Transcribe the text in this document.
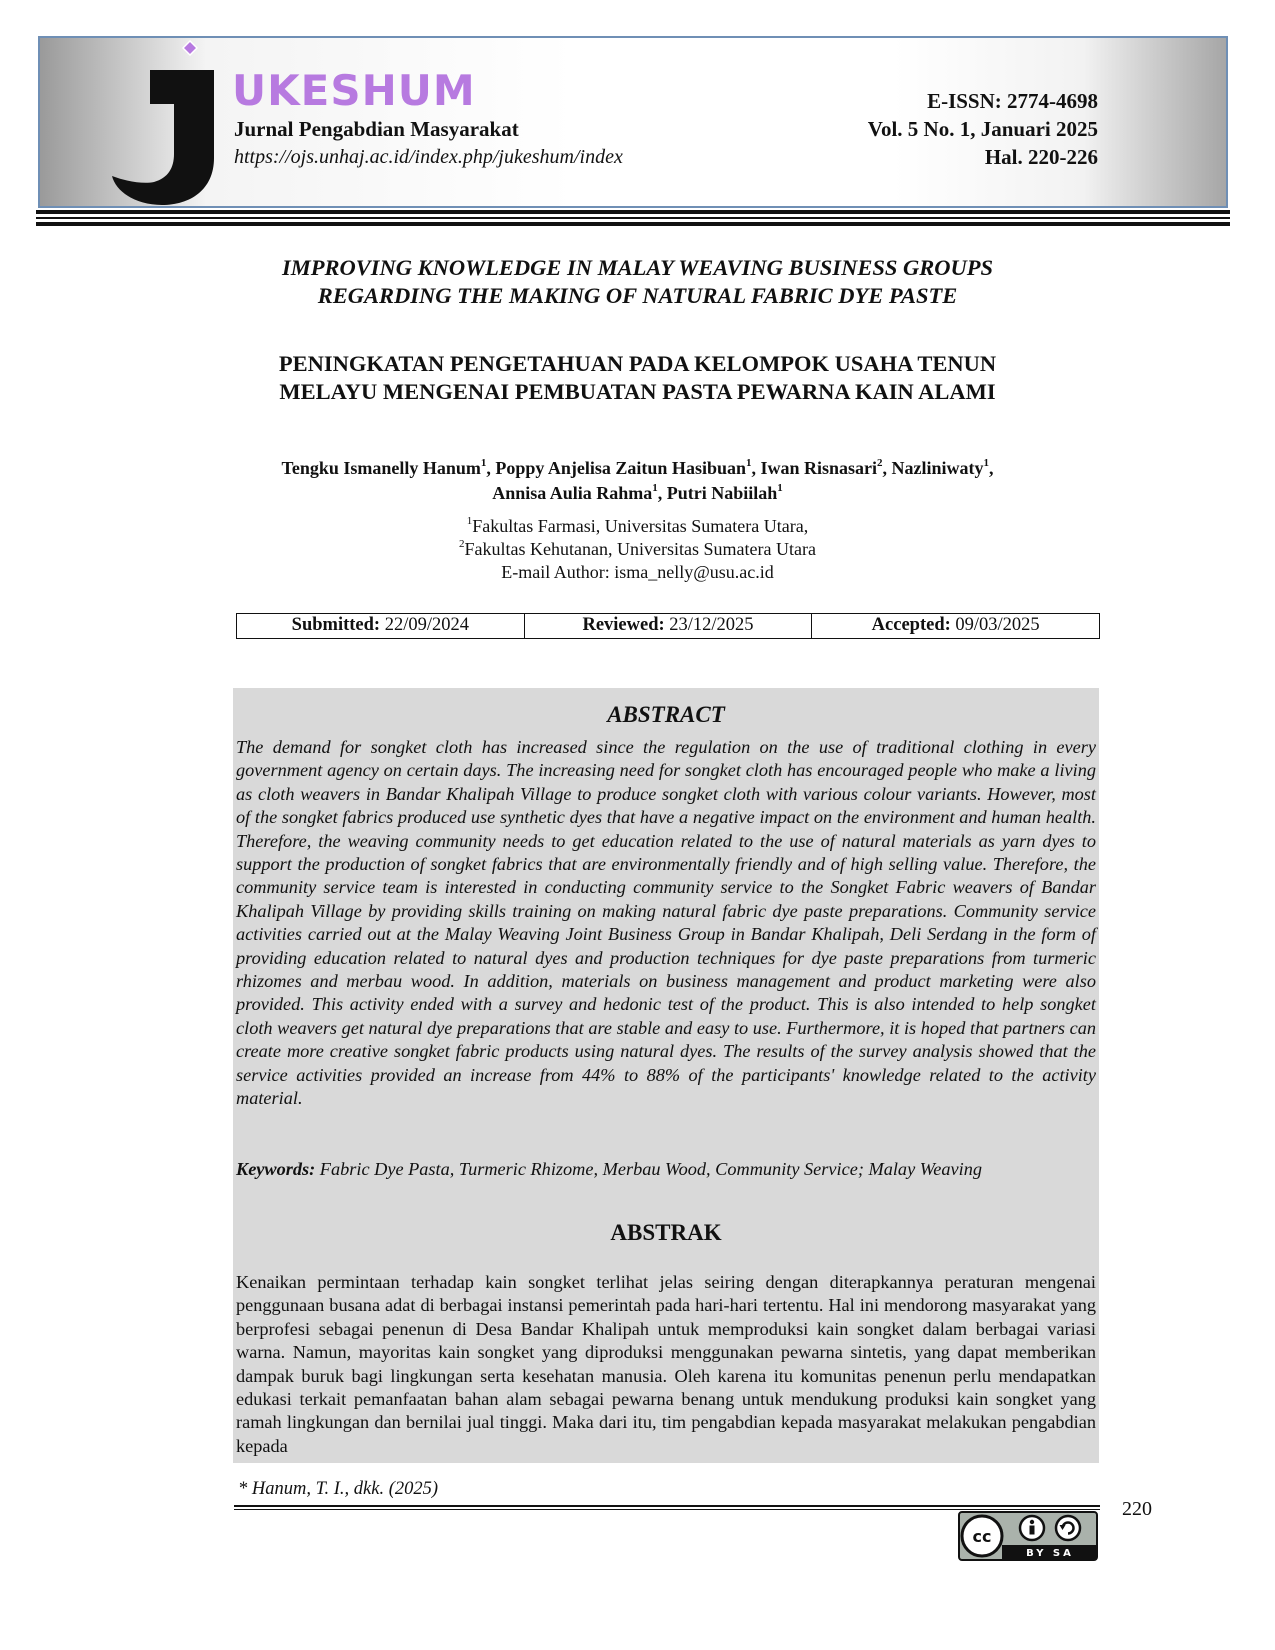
UKESHUM
Jurnal Pengabdian Masyarakat
https://ojs.unhaj.ac.id/index.php/jukeshum/index
E-ISSN: 2774-4698
Vol. 5 No. 1, Januari 2025
Hal. 220-226
IMPROVING KNOWLEDGE IN MALAY WEAVING BUSINESS GROUPS
REGARDING THE MAKING OF NATURAL FABRIC DYE PASTE
PENINGKATAN PENGETAHUAN PADA KELOMPOK USAHA TENUN
MELAYU MENGENAI PEMBUATAN PASTA PEWARNA KAIN ALAMI
Tengku Ismanelly Hanum$^1$, Poppy Anjelisa Zaitun Hasibuan$^1$, Iwan Risnasari$^2$, Nazliniwaty$^1$,
Annisa Aulia Rahma$^1$, Putri Nabiilah$^1$
$^1$Fakultas Farmasi, Universitas Sumatera Utara,
$^2$Fakultas Kehutanan, Universitas Sumatera Utara
E-mail Author: isma_nelly@usu.ac.id
Submitted: 22/09/2024	Reviewed: 23/12/2025	Accepted: 09/03/2025
ABSTRACT

The demand for songket cloth has increased since the regulation on the use of traditional clothing in every government agency on certain days. The increasing need for songket cloth has encouraged people who make a living as cloth weavers in Bandar Khalipah Village to produce songket cloth with various colour variants. However, most of the songket fabrics produced use synthetic dyes that have a negative impact on the environment and human health. Therefore, the weaving community needs to get education related to the use of natural materials as yarn dyes to support the production of songket fabrics that are environmentally friendly and of high selling value. Therefore, the community service team is interested in conducting community service to the Songket Fabric weavers of Bandar Khalipah Village by providing skills training on making natural fabric dye paste preparations. Community service activities carried out at the Malay Weaving Joint Business Group in Bandar Khalipah, Deli Serdang in the form of providing education related to natural dyes and production techniques for dye paste preparations from turmeric rhizomes and merbau wood. In addition, materials on business management and product marketing were also provided. This activity ended with a survey and hedonic test of the product. This is also intended to help songket cloth weavers get natural dye preparations that are stable and easy to use. Furthermore, it is hoped that partners can create more creative songket fabric products using natural dyes. The results of the survey analysis showed that the service activities provided an increase from 44% to 88% of the participants' knowledge related to the activity material.

Keywords: Fabric Dye Pasta, Turmeric Rhizome, Merbau Wood, Community Service; Malay Weaving

ABSTRAK

Kenaikan permintaan terhadap kain songket terlihat jelas seiring dengan diterapkannya peraturan mengenai penggunaan busana adat di berbagai instansi pemerintah pada hari-hari tertentu. Hal ini mendorong masyarakat yang berprofesi sebagai penenun di Desa Bandar Khalipah untuk memproduksi kain songket dalam berbagai variasi warna. Namun, mayoritas kain songket yang diproduksi menggunakan pewarna sintetis, yang dapat memberikan dampak buruk bagi lingkungan serta kesehatan manusia. Oleh karena itu komunitas penenun perlu mendapatkan edukasi terkait pemanfaatan bahan alam sebagai pewarna benang untuk mendukung produksi kain songket yang ramah lingkungan dan bernilai jual tinggi. Maka dari itu, tim pengabdian kepada masyarakat melakukan pengabdian kepada

* Hanum, T. I., dkk. (2025)
220
cc
BY SA
